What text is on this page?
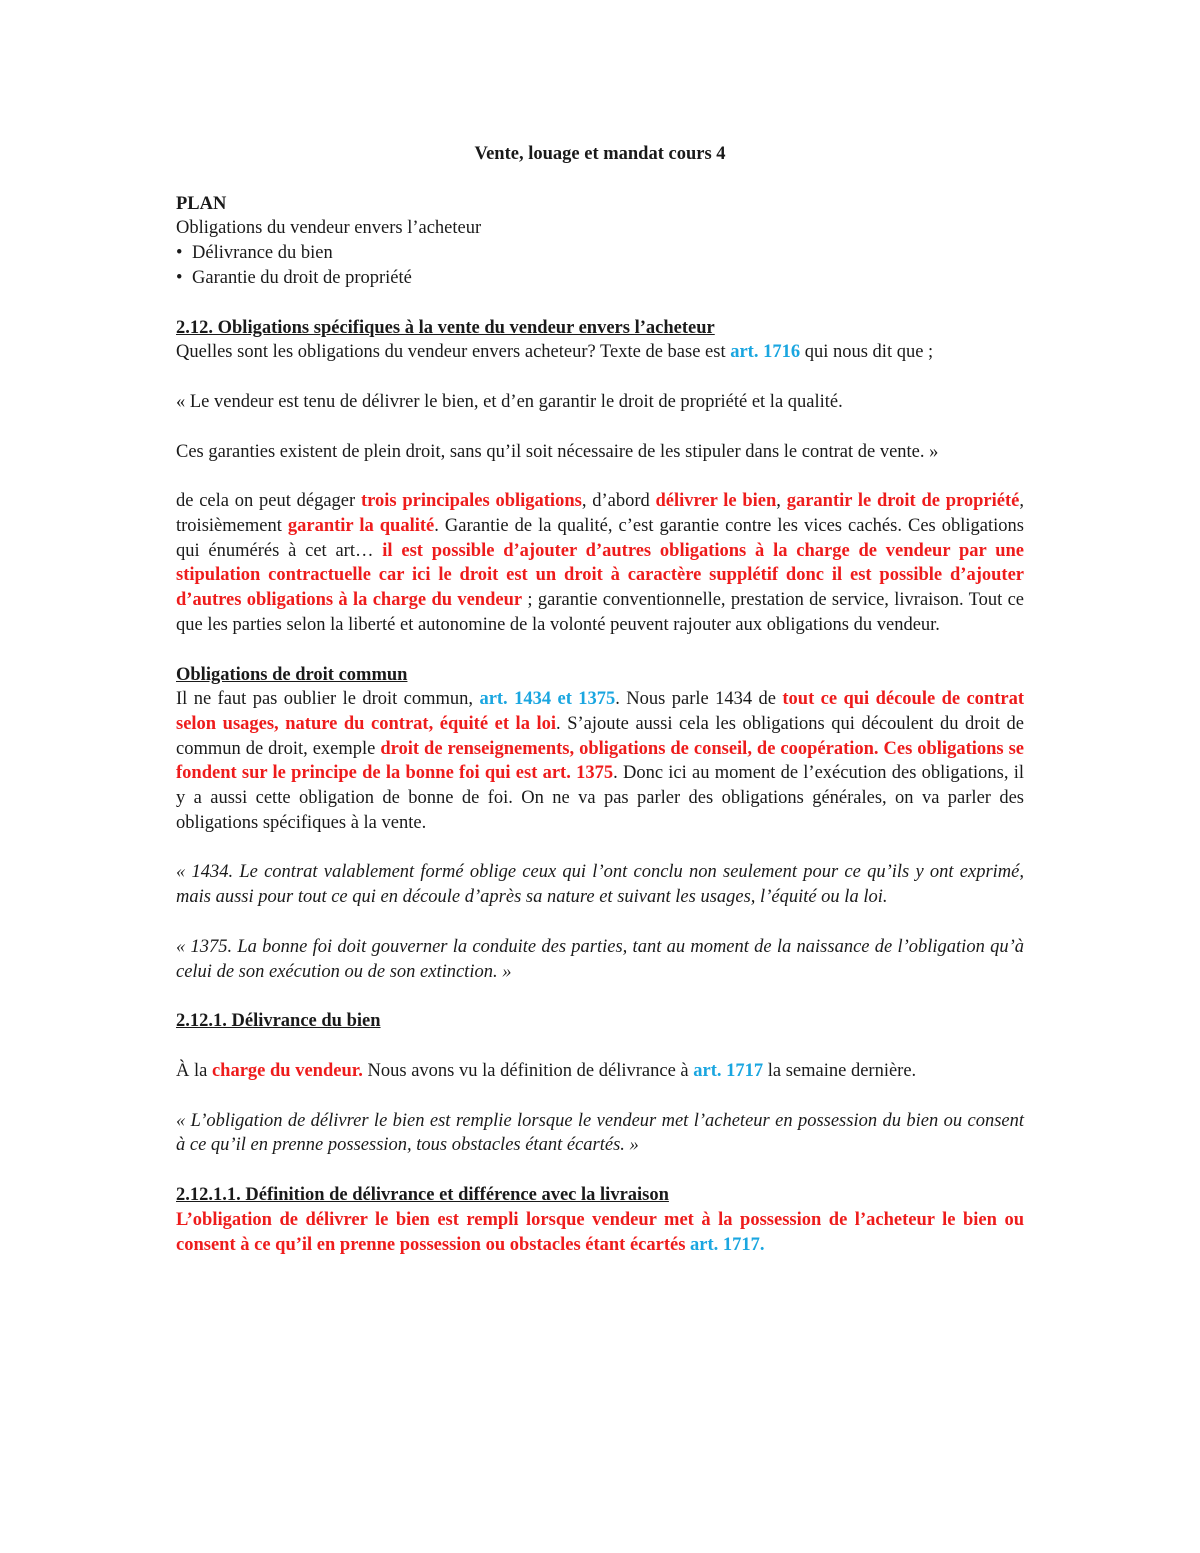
Vente, louage et mandat cours 4

PLAN

Obligations du vendeur envers l’acheteur

• Délivrance du bien

• Garantie du droit de propriété

2.12. Obligations spécifiques à la vente du vendeur envers l’acheteur

Quelles sont les obligations du vendeur envers acheteur? Texte de base est art. 1716 qui nous dit que ;

« Le vendeur est tenu de délivrer le bien, et d’en garantir le droit de propriété et la qualité.

Ces garanties existent de plein droit, sans qu’il soit nécessaire de les stipuler dans le contrat de vente. »

de cela on peut dégager trois principales obligations, d’abord délivrer le bien, garantir le droit de propriété, troisièmement garantir la qualité. Garantie de la qualité, c’est garantie contre les vices cachés. Ces obligations qui énumérés à cet art… il est possible d’ajouter d’autres obligations à la charge de vendeur par une stipulation contractuelle car ici le droit est un droit à caractère supplétif donc il est possible d’ajouter d’autres obligations à la charge du vendeur ; garantie conventionnelle, prestation de service, livraison. Tout ce que les parties selon la liberté et autonomine de la volonté peuvent rajouter aux obligations du vendeur.

Obligations de droit commun

Il ne faut pas oublier le droit commun, art. 1434 et 1375. Nous parle 1434 de tout ce qui découle de contrat selon usages, nature du contrat, équité et la loi. S’ajoute aussi cela les obligations qui découlent du droit de commun de droit, exemple droit de renseignements, obligations de conseil, de coopération. Ces obligations se fondent sur le principe de la bonne foi qui est art. 1375. Donc ici au moment de l’exécution des obligations, il y a aussi cette obligation de bonne de foi. On ne va pas parler des obligations générales, on va parler des obligations spécifiques à la vente.

« 1434. Le contrat valablement formé oblige ceux qui l’ont conclu non seulement pour ce qu’ils y ont exprimé, mais aussi pour tout ce qui en découle d’après sa nature et suivant les usages, l’équité ou la loi.

« 1375. La bonne foi doit gouverner la conduite des parties, tant au moment de la naissance de l’obligation qu’à celui de son exécution ou de son extinction. »

2.12.1. Délivrance du bien

À la charge du vendeur. Nous avons vu la définition de délivrance à art. 1717 la semaine dernière.

« L’obligation de délivrer le bien est remplie lorsque le vendeur met l’acheteur en possession du bien ou consent à ce qu’il en prenne possession, tous obstacles étant écartés. »

2.12.1.1. Définition de délivrance et différence avec la livraison

L’obligation de délivrer le bien est rempli lorsque vendeur met à la possession de l’acheteur le bien ou consent à ce qu’il en prenne possession ou obstacles étant écartés art. 1717.
